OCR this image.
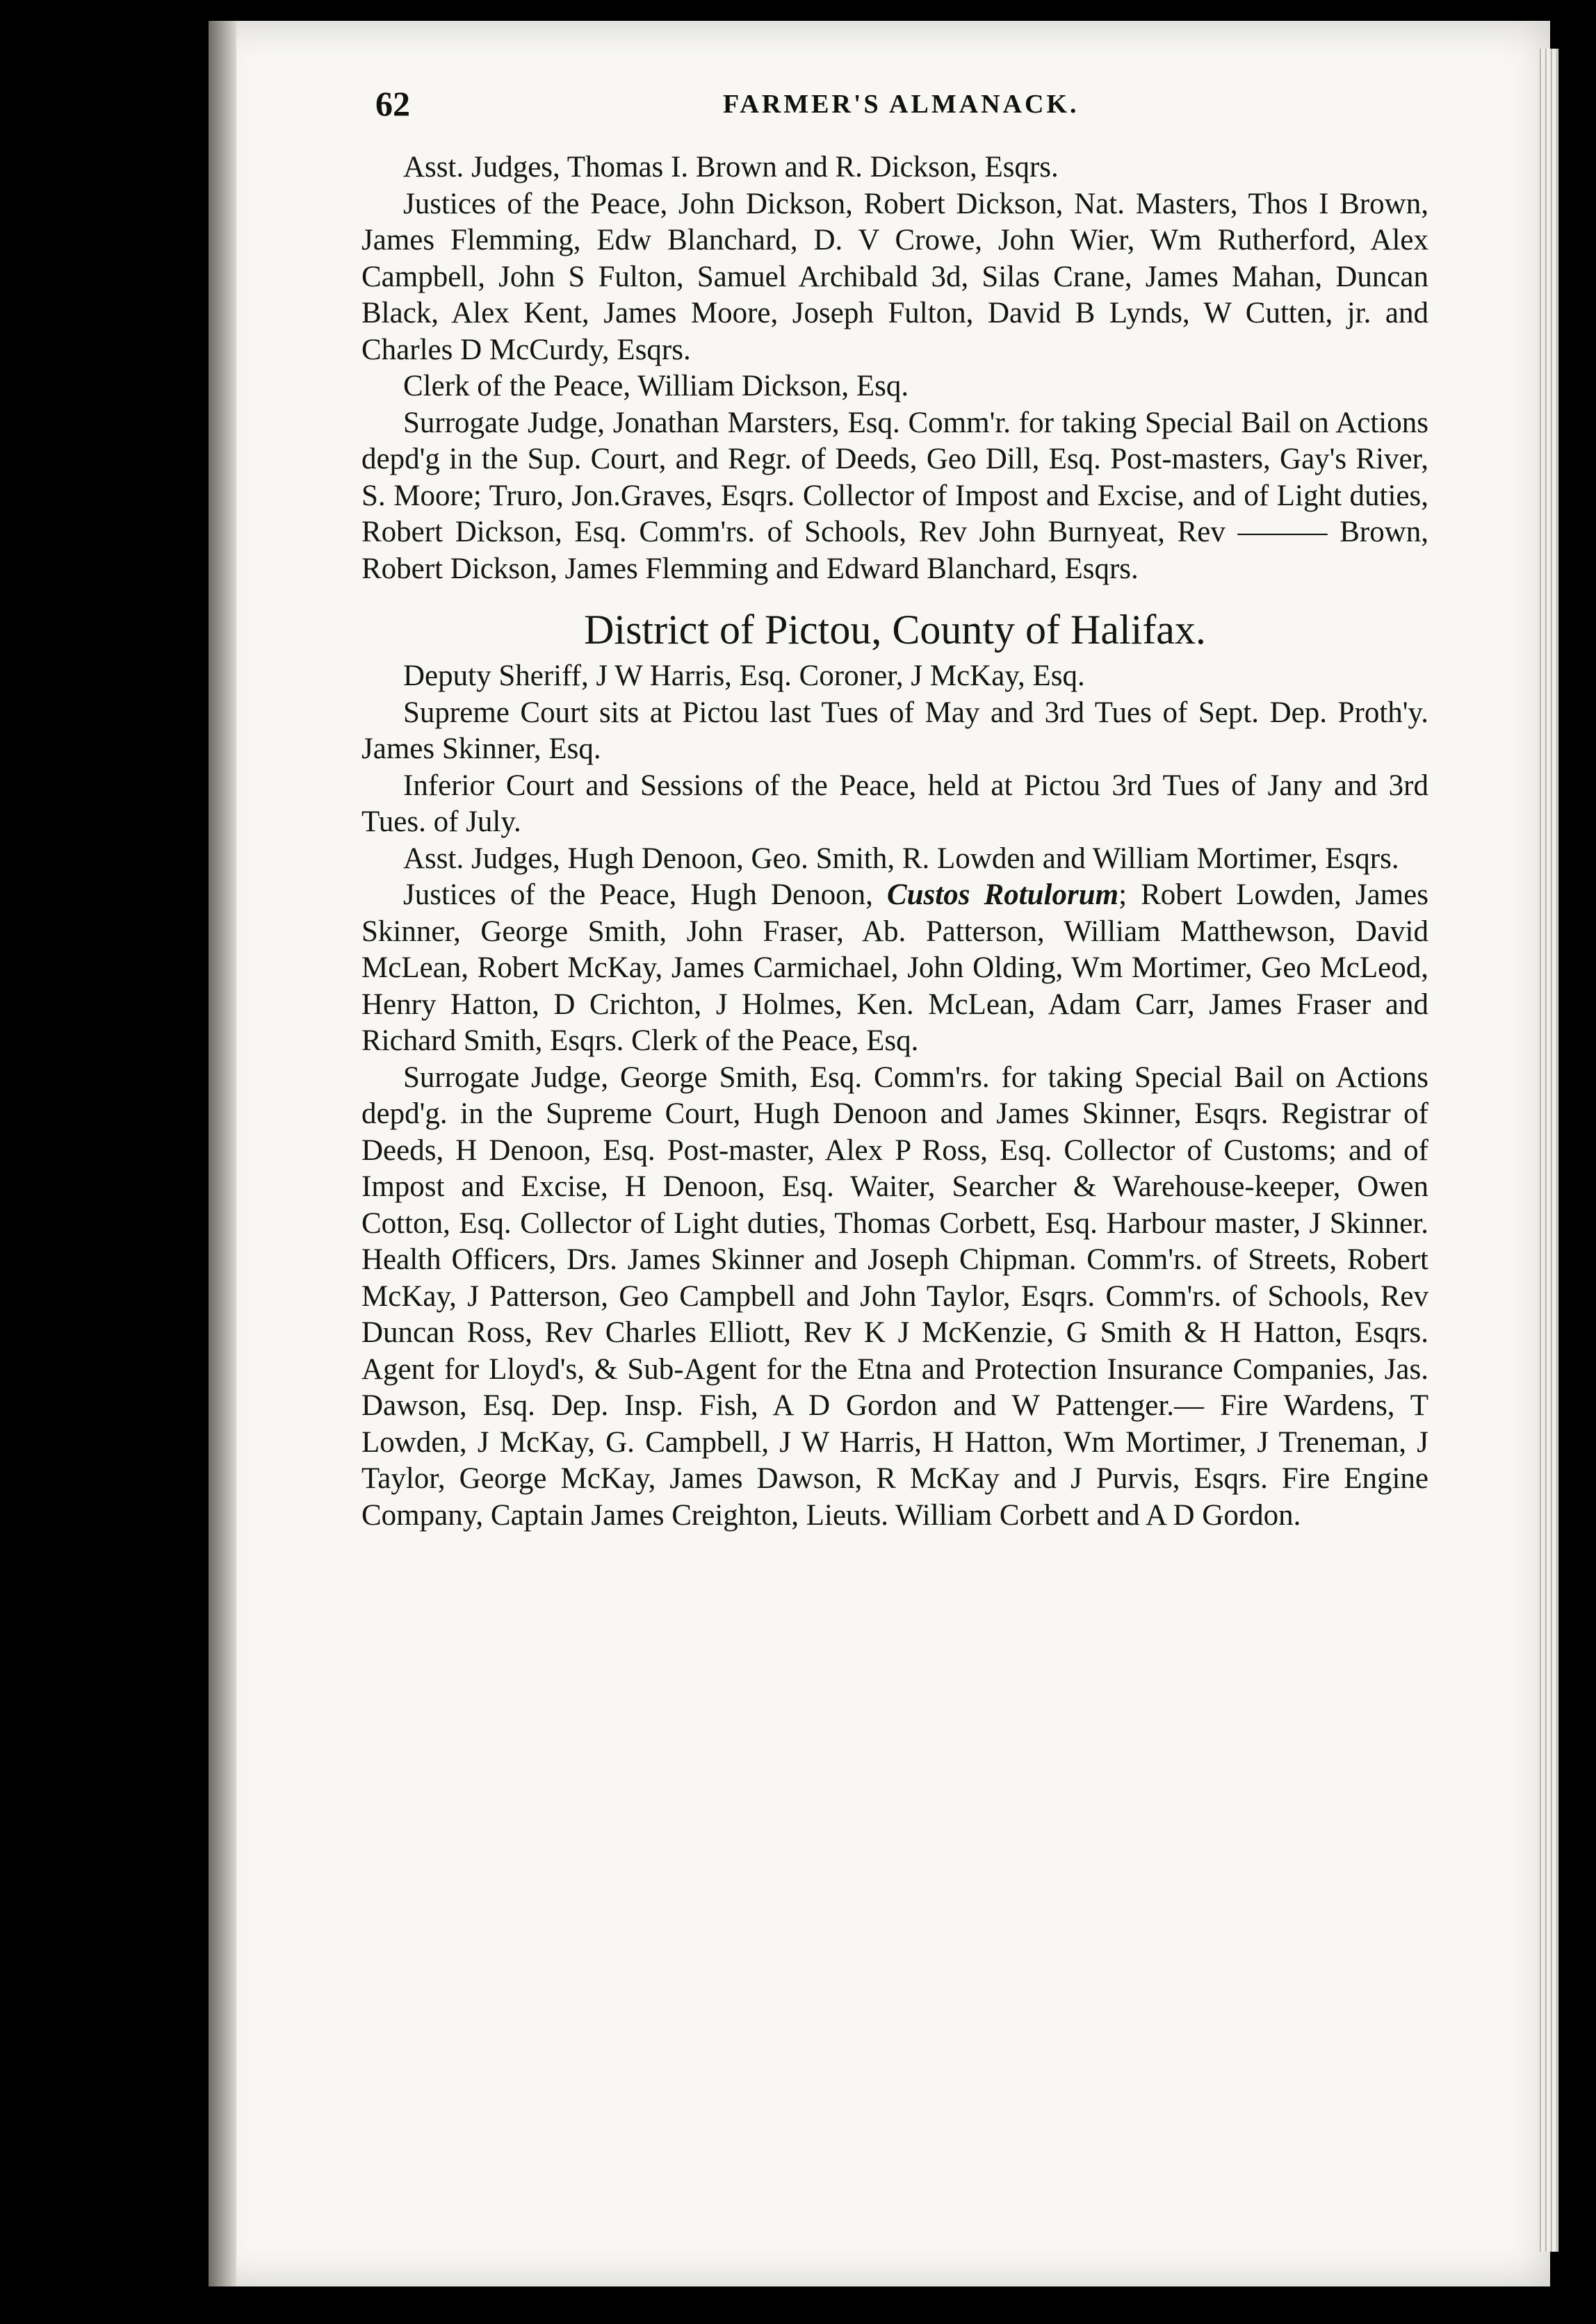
62	FARMER'S ALMANACK.

Asst. Judges, Thomas I. Brown and R. Dickson, Esqrs.

Justices of the Peace, John Dickson, Robert Dickson, Nat. Masters, Thos I Brown, James Flemming, Edw Blanchard, D. V Crowe, John Wier, Wm Rutherford, Alex Campbell, John S Fulton, Samuel Archibald 3d, Silas Crane, James Mahan, Duncan Black, Alex Kent, James Moore, Joseph Fulton, David B Lynds, W Cutten, jr. and Charles D McCurdy, Esqrs.

Clerk of the Peace, William Dickson, Esq.

Surrogate Judge, Jonathan Marsters, Esq. Comm'r. for taking Special Bail on Actions depd'g in the Sup. Court, and Regr. of Deeds, Geo Dill, Esq. Post-masters, Gay's River, S. Moore; Truro, Jon.Graves, Esqrs. Collector of Impost and Excise, and of Light duties, Robert Dickson, Esq. Comm'rs. of Schools, Rev John Burnyeat, Rev ——— Brown, Robert Dickson, James Flemming and Edward Blanchard, Esqrs.

District of Pictou, County of Halifax.

Deputy Sheriff, J W Harris, Esq. Coroner, J McKay, Esq.

Supreme Court sits at Pictou last Tues of May and 3rd Tues of Sept. Dep. Proth'y. James Skinner, Esq.

Inferior Court and Sessions of the Peace, held at Pictou 3rd Tues of Jany and 3rd Tues. of July.

Asst. Judges, Hugh Denoon, Geo. Smith, R. Lowden and William Mortimer, Esqrs.

Justices of the Peace, Hugh Denoon, Custos Rotulorum; Robert Lowden, James Skinner, George Smith, John Fraser, Ab. Patterson, William Matthewson, David McLean, Robert McKay, James Carmichael, John Olding, Wm Mortimer, Geo McLeod, Henry Hatton, D Crichton, J Holmes, Ken. McLean, Adam Carr, James Fraser and Richard Smith, Esqrs. Clerk of the Peace, Esq.

Surrogate Judge, George Smith, Esq. Comm'rs. for taking Special Bail on Actions depd'g. in the Supreme Court, Hugh Denoon and James Skinner, Esqrs. Registrar of Deeds, H Denoon, Esq. Post-master, Alex P Ross, Esq. Collector of Customs; and of Impost and Excise, H Denoon, Esq. Waiter, Searcher & Warehouse-keeper, Owen Cotton, Esq. Collector of Light duties, Thomas Corbett, Esq. Harbour master, J Skinner. Health Officers, Drs. James Skinner and Joseph Chipman. Comm'rs. of Streets, Robert McKay, J Patterson, Geo Campbell and John Taylor, Esqrs. Comm'rs. of Schools, Rev Duncan Ross, Rev Charles Elliott, Rev K J McKenzie, G Smith & H Hatton, Esqrs. Agent for Lloyd's, & Sub-Agent for the Etna and Protection Insurance Companies, Jas. Dawson, Esq. Dep. Insp. Fish, A D Gordon and W Pattenger.— Fire Wardens, T Lowden, J McKay, G. Campbell, J W Harris, H Hatton, Wm Mortimer, J Treneman, J Taylor, George McKay, James Dawson, R McKay and J Purvis, Esqrs. Fire Engine Company, Captain James Creighton, Lieuts. William Corbett and A D Gordon.
